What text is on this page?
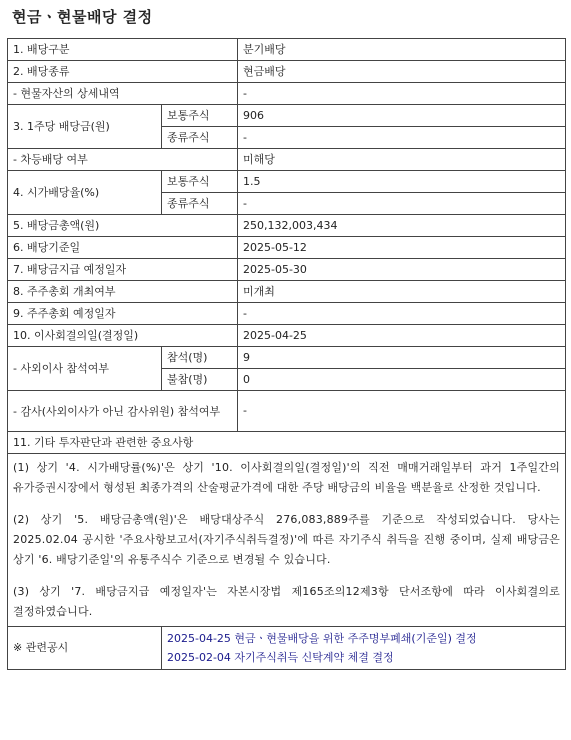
현금ㆍ현물배당 결정
1. 배당구분		분기배당
2. 배당종류		현금배당
- 현물자산의 상세내역		-
3. 1주당 배당금(원)	보통주식	906
	종류주식	-
- 차등배당 여부		미해당
4. 시가배당율(%)	보통주식	1.5
	종류주식	-
5. 배당금총액(원)		250,132,003,434
6. 배당기준일		2025-05-12
7. 배당금지급 예정일자		2025-05-30
8. 주주총회 개최여부		미개최
9. 주주총회 예정일자		-
10. 이사회결의일(결정일)		2025-04-25
- 사외이사 참석여부	참석(명)	9
	불참(명)	0
- 감사(사외이사가 아닌 감사위원) 참석여부		-
11. 기타 투자판단과 관련한 중요사항		

(1) 상기 '4. 시가배당률(%)'은 상기 '10. 이사회결의일(결정일)'의 직전 매매거래일부터 과거 1주일간의 유가증권시장에서 형성된 최종가격의 산술평균가격에 대한 주당 배당금의 비율을 백분율로 산정한 것입니다.

(2) 상기 '5. 배당금총액(원)'은 배당대상주식 276,083,889주를 기준으로 작성되었습니다. 당사는 2025.02.04 공시한 '주요사항보고서(자기주식취득결정)'에 따른 자기주식 취득을 진행 중이며, 실제 배당금은 상기 '6. 배당기준일'의 유통주식수 기준으로 변경될 수 있습니다.

(3) 상기 '7. 배당금지급 예정일자'는 자본시장법 제165조의12제3항 단서조항에 따라 이사회결의로 결정하였습니다.		

※ 관련공시	2025-04-25 현금ㆍ현물배당을 위한 주주명부폐쇄(기준일) 결정
2025-02-04 자기주식취득 신탁계약 체결 결정	
